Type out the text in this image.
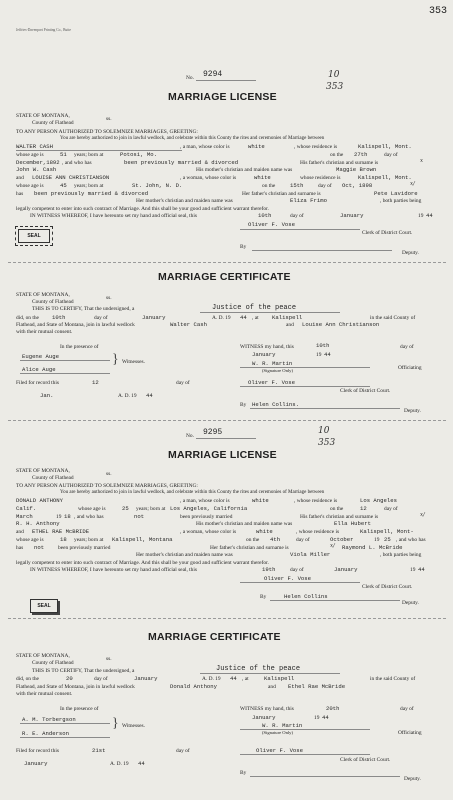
353
Jeffries-Davenport Printing Co., Butte
No. 9294	10
353
MARRIAGE LICENSE
STATE OF MONTANA,
County of Flathead
ss.
TO ANY PERSON AUTHORIZED TO SOLEMNIZE MARRIAGES, GREETING:
You are hereby authorized to join in lawful wedlock, and celebrate within this County the rites and ceremonies of Marriage between
WALTER CASH	, a man, whose color is	white	, whose residence is	Kalispell, Mont.
whose age is	51 years; born at	Potosi, Mo.	on the 27th	day of
December,1892 , and who has	been previously married & divorced	His father's christian and surname is	x
John W. Cash	His mother's christian and maiden name was	Maggie Brown
and LOUISE ANN CHRISTIANSON	, a woman, whose color is	white	whose residence is	Kalispell, Mont.
whose age is	45 years; born at	St. John, N. D.	on the	15th	day of Oct, 1898	x/
has been previously married & divorced	Her father's christian and surname is	Pete Lavidore
Her mother's christian and maiden name was	Eliza Frimo	, both parties being
legally competent to enter into such contract of Marriage. And this shall be your good and sufficient warrant therefor.
IN WITNESS WHEREOF, I have hereunto set my hand and official seal, this	10th	day of	January	19 44
SEAL
Oliver F. Vose
Clerk of District Court.
By
Deputy.
MARRIAGE CERTIFICATE
STATE OF MONTANA,
County of Flathead
ss.
THIS IS TO CERTIFY, That the undersigned, a	Justice of the peace
did, on the 10th	day of	January	A. D. 19 44 , at Kalispell	in the said County of
Flathead, and State of Montana, join in lawful wedlock	Walter Cash	and Louise Ann Christianson
with their mutual consent.
In the presence of
Eugene Auge
Alice Auge
} Witnesses.
WITNESS my hand, this	10th	day of
January	19 44
W. R. Martin
(Signature Only)	Officiating
Filed for record this	12	day of
Jan.	A. D. 19 44
Oliver F. Vose
Clerk of District Court.
By Helen Collins.
Deputy.
No. 9295	10
353
MARRIAGE LICENSE
STATE OF MONTANA,
County of Flathead
ss.
TO ANY PERSON AUTHORIZED TO SOLEMNIZE MARRIAGES, GREETING:
You are hereby authorized to join in lawful wedlock, and celebrate within this County the rites and ceremonies of Marriage between
DONALD ANTHONY	, a man, whose color is	white	, whose residence is	Los Angeles
Calif.	whose age is	25 years; born at Los Angeles, California	on the	12	day of
March	19 18 , and who has	not	been previously married	His father's christian and surname is	x/
R. H. Anthony	His mother's christian and maiden name was	Ella Hubert
and ETHEL RAE McBRIDE	, a woman, whose color is	white	, whose residence is	Kalispell, Mont-
whose age is	18 years; born at Kalispell, Montana	on the 4th	day of	October	19 25 , and who has
has not	been previously married	Her father's christian and surname is	x/ Raymond L. McBride
Her mother's christian and maiden name was	Viola Miller	, both parties being
legally competent to enter into such contract of Marriage. And this shall be your good and sufficient warrant therefor.
IN WITNESS WHEREOF, I have hereunto set my hand and official seal, this	19th	day of	January	19 44
SEAL
Oliver F. Vose
Clerk of District Court.
By	Helen Collins
Deputy.
MARRIAGE CERTIFICATE
STATE OF MONTANA,
County of Flathead
ss.
THIS IS TO CERTIFY, That the undersigned, a	Justice of the peace
did, on the	20	day of	January	A. D. 19 44 , at	Kalispell	in the said County of
Flathead, and State of Montana, join in lawful wedlock	Donald Anthony	and Ethel Rae McBride
with their mutual consent.
In the presence of
A. M. Torbergson
R. E. Anderson
} Witnesses.
WITNESS my hand, this	20th	day of
January	19 44
W. R. Martin
(Signature Only)	Officiating
Filed for record this	21st	day of
January	A. D. 19 44
Oliver F. Vose
Clerk of District Court.
By
Deputy.
